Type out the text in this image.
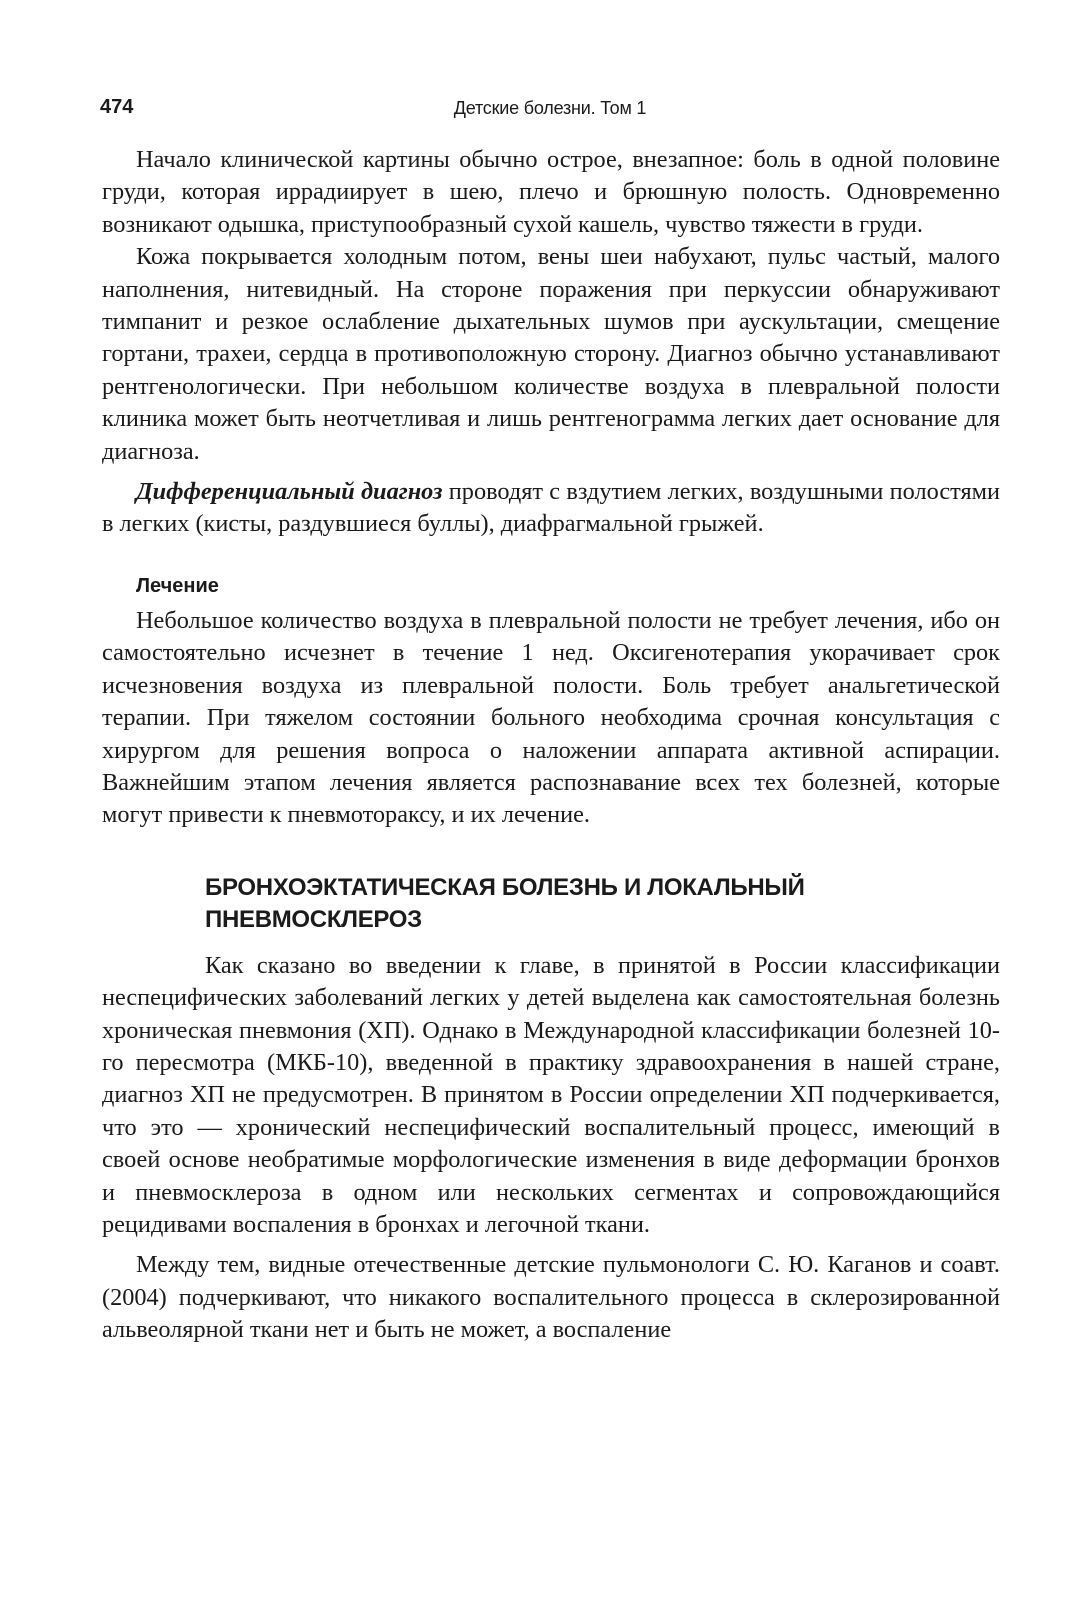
474	Детские болезни. Том 1

Начало клинической картины обычно острое, внезапное: боль в одной половине груди, которая иррадиирует в шею, плечо и брюшную полость. Одновременно возникают одышка, приступообразный сухой кашель, чувство тяжести в груди.

Кожа покрывается холодным потом, вены шеи набухают, пульс частый, малого наполнения, нитевидный. На стороне поражения при перкуссии обнаруживают тимпанит и резкое ослабление дыхательных шумов при аускультации, смещение гортани, трахеи, сердца в противоположную сторону. Диагноз обычно устанавливают рентгенологически. При небольшом количестве воздуха в плевральной полости клиника может быть неотчетливая и лишь рентгенограмма легких дает основание для диагноза.

Дифференциальный диагноз проводят с вздутием легких, воздушными полостями в легких (кисты, раздувшиеся буллы), диафрагмальной грыжей.

Лечение

Небольшое количество воздуха в плевральной полости не требует лечения, ибо он самостоятельно исчезнет в течение 1 нед. Оксигенотерапия укорачивает срок исчезновения воздуха из плевральной полости. Боль требует анальгетической терапии. При тяжелом состоянии больного необходима срочная консультация с хирургом для решения вопроса о наложении аппарата активной аспирации. Важнейшим этапом лечения является распознавание всех тех болезней, которые могут привести к пневмотораксу, и их лечение.

БРОНХОЭКТАТИЧЕСКАЯ БОЛЕЗНЬ И ЛОКАЛЬНЫЙ ПНЕВМОСКЛЕРОЗ

Как сказано во введении к главе, в принятой в России классификации неспецифических заболеваний легких у детей выделена как самостоятельная болезнь хроническая пневмония (ХП). Однако в Международной классификации болезней 10-го пересмотра (МКБ-10), введенной в практику здравоохранения в нашей стране, диагноз ХП не предусмотрен. В принятом в России определении ХП подчеркивается, что это — хронический неспецифический воспалительный процесс, имеющий в своей основе необратимые морфологические изменения в виде деформации бронхов и пневмосклероза в одном или нескольких сегментах и сопровождающийся рецидивами воспаления в бронхах и легочной ткани.

Между тем, видные отечественные детские пульмонологи С. Ю. Каганов и соавт. (2004) подчеркивают, что никакого воспалительного процесса в склерозированной альвеолярной ткани нет и быть не может, а воспаление
